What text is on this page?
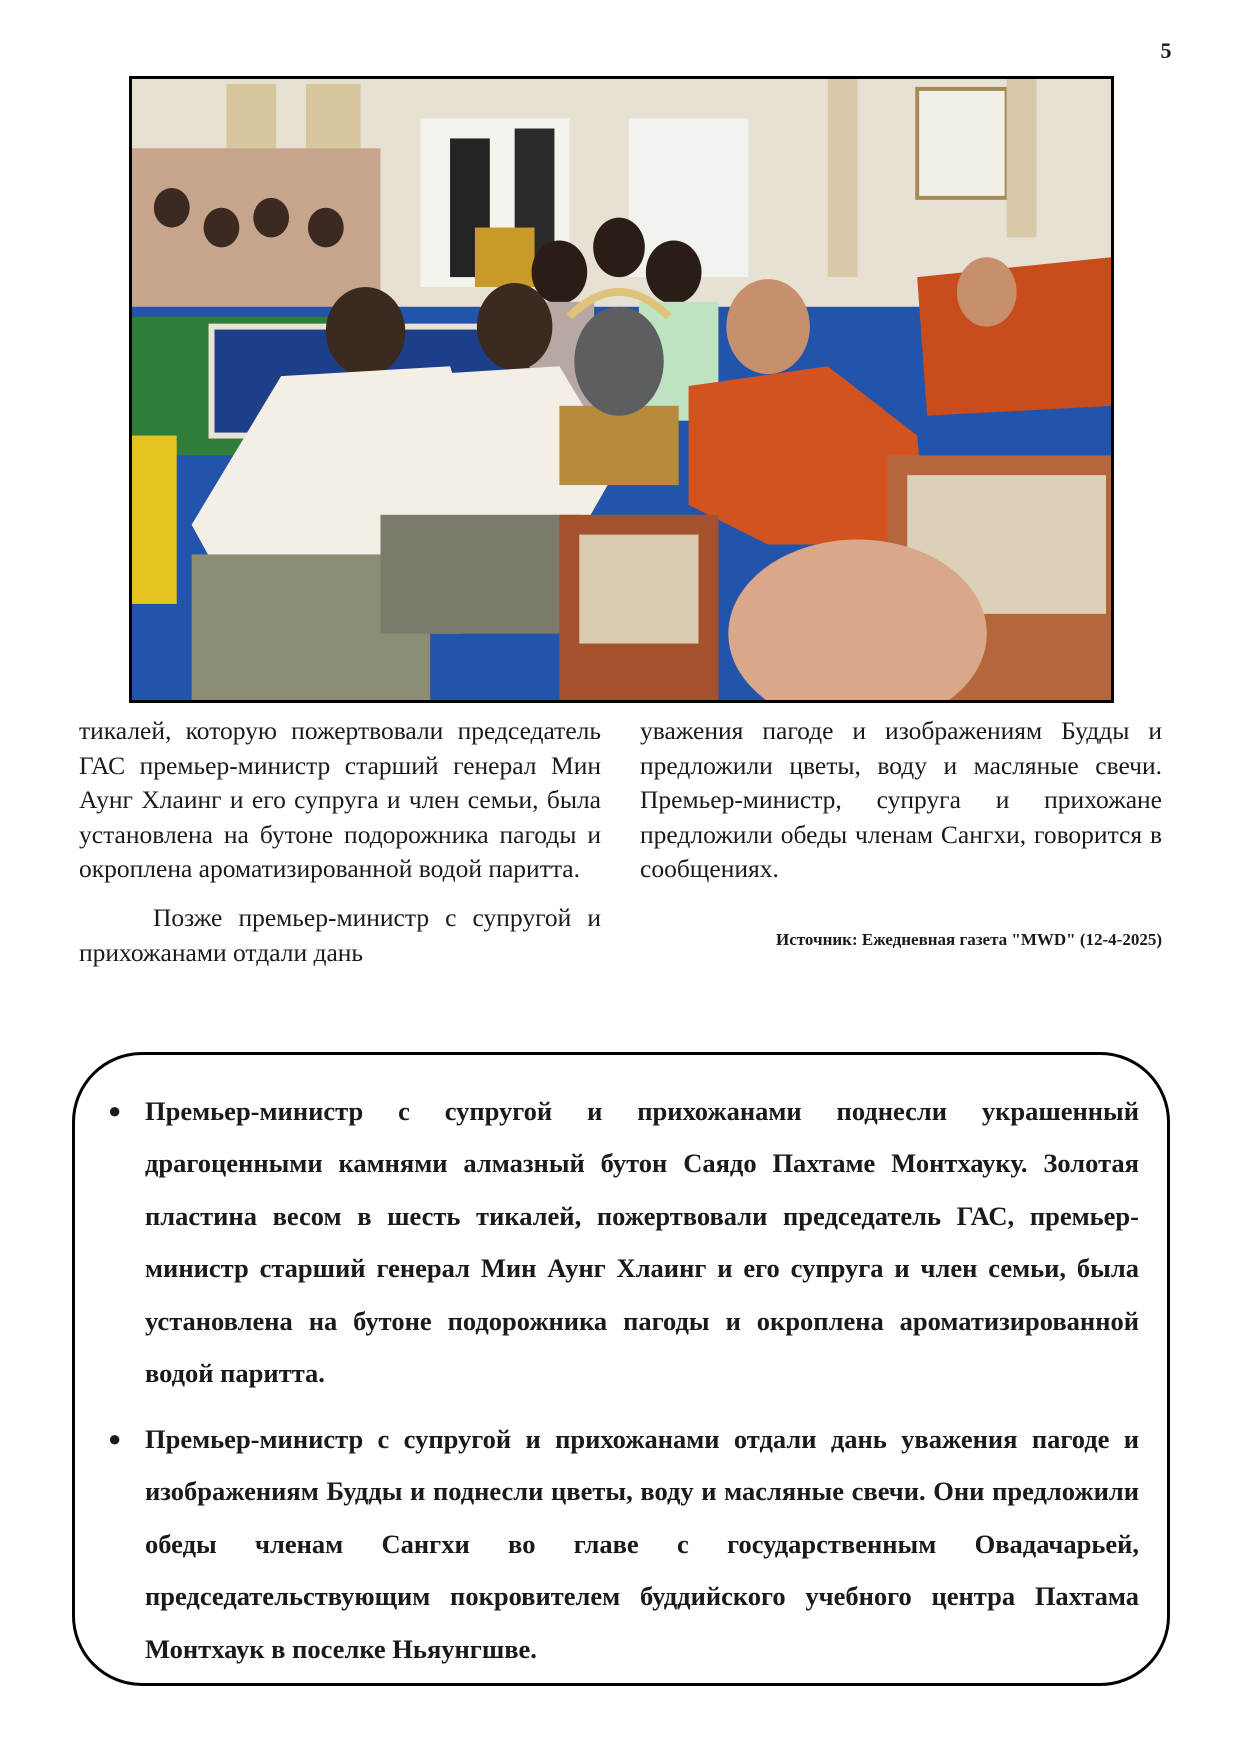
5

тикалей, которую пожертвовали председатель ГАС премьер-министр старший генерал Мин Аунг Хлаинг и его супруга и член семьи, была установлена на бутоне подорожника пагоды и окроплена ароматизированной водой паритта.

Позже премьер-министр с супругой и прихожанами отдали дань

уважения пагоде и изображениям Будды и предложили цветы, воду и масляные свечи. Премьер-министр, супруга и прихожане предложили обеды членам Сангхи, говорится в сообщениях.

Источник: Ежедневная газета "MWD" (12-4-2025)
● Премьер-министр с супругой и прихожанами поднесли украшенный драгоценными камнями алмазный бутон Саядо Пахтаме Монтхауку. Золотая пластина весом в шесть тикалей, пожертвовали председатель ГАС, премьер-министр старший генерал Мин Аунг Хлаинг и его супруга и член семьи, была установлена на бутоне подорожника пагоды и окроплена ароматизированной водой паритта.
● Премьер-министр с супругой и прихожанами отдали дань уважения пагоде и изображениям Будды и поднесли цветы, воду и масляные свечи. Они предложили обеды членам Сангхи во главе с государственным Овадачарьей, председательствующим покровителем буддийского учебного центра Пахтама Монтхаук в поселке Ньяунгшве.
